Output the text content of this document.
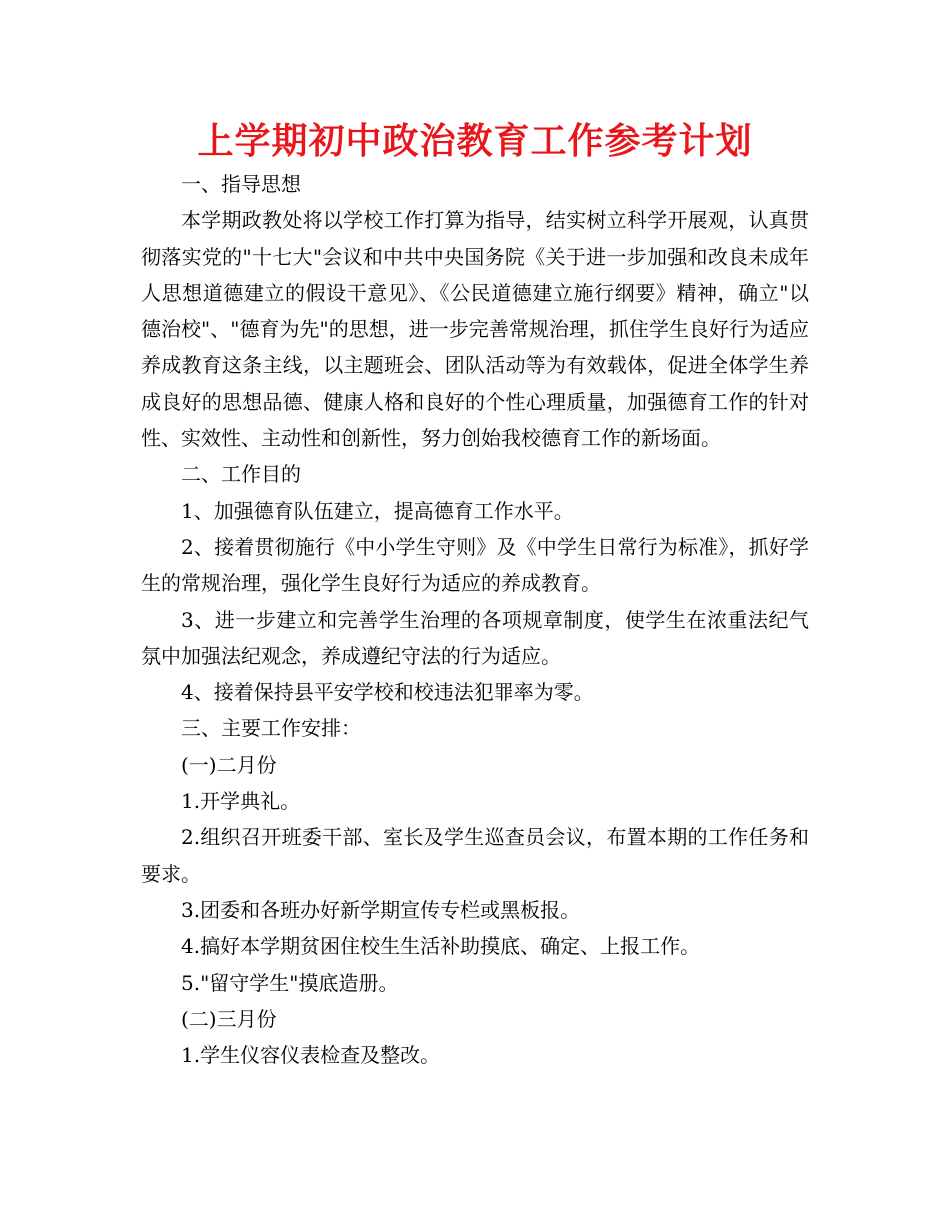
上学期初中政治教育工作参考计划

一、指导思想

本学期政教处将以学校工作打算为指导，结实树立科学开展观，认真贯彻落实党的"十七大"会议和中共中央国务院《关于进一步加强和改良未成年人思想道德建立的假设干意见》、《公民道德建立施行纲要》精神，确立"以德治校"、"德育为先"的思想，进一步完善常规治理，抓住学生良好行为适应养成教育这条主线，以主题班会、团队活动等为有效载体，促进全体学生养成良好的思想品德、健康人格和良好的个性心理质量，加强德育工作的针对性、实效性、主动性和创新性，努力创始我校德育工作的新场面。

二、工作目的

1、加强德育队伍建立，提高德育工作水平。

2、接着贯彻施行《中小学生守则》及《中学生日常行为标准》，抓好学生的常规治理，强化学生良好行为适应的养成教育。

3、进一步建立和完善学生治理的各项规章制度，使学生在浓重法纪气氛中加强法纪观念，养成遵纪守法的行为适应。

4、接着保持县平安学校和校违法犯罪率为零。

三、主要工作安排：

(一)二月份

1.开学典礼。

2.组织召开班委干部、室长及学生巡查员会议，布置本期的工作任务和要求。

3.团委和各班办好新学期宣传专栏或黑板报。

4.搞好本学期贫困住校生生活补助摸底、确定、上报工作。

5."留守学生"摸底造册。

(二)三月份

1.学生仪容仪表检查及整改。
